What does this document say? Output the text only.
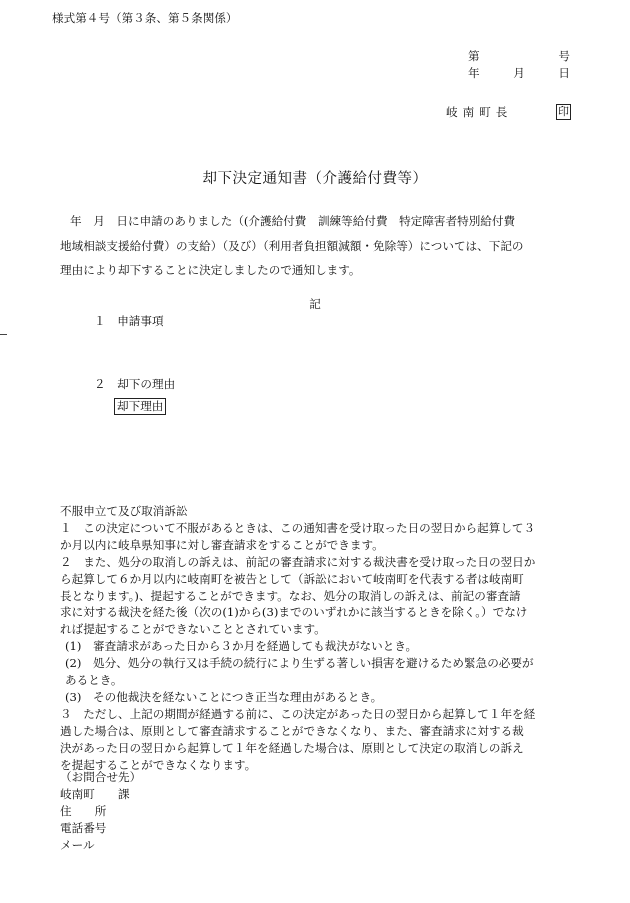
様式第４号（第３条、第５条関係）
第	号
年	月	日
岐南町長	印
却下決定通知書（介護給付費等）

年　月　日に申請のありました（(介護給付費　訓練等給付費　特定障害者特別給付費

地域相談支援給付費）の支給）（及び）（利用者負担額減額・免除等）については、下記の

理由により却下することに決定しましたので通知します。

記
１　申請事項
２　却下の理由
却下理由
不服申立て及び取消訴訟
１　この決定について不服があるときは、この通知書を受け取った日の翌日から起算して３
か月以内に岐阜県知事に対し審査請求をすることができます。
２　また、処分の取消しの訴えは、前記の審査請求に対する裁決書を受け取った日の翌日か
ら起算して６か月以内に岐南町を被告として（訴訟において岐南町を代表する者は岐南町
長となります。)、提起することができます。なお、処分の取消しの訴えは、前記の審査請
求に対する裁決を経た後（次の(1)から(3)までのいずれかに該当するときを除く。）でなけ
れば提起することができないこととされています。
(1)　審査請求があった日から３か月を経過しても裁決がないとき。
(2)　処分、処分の執行又は手続の続行により生ずる著しい損害を避けるため緊急の必要が
あるとき。
(3)　その他裁決を経ないことにつき正当な理由があるとき。
３　ただし、上記の期間が経過する前に、この決定があった日の翌日から起算して１年を経
過した場合は、原則として審査請求することができなくなり、また、審査請求に対する裁
決があった日の翌日から起算して１年を経過した場合は、原則として決定の取消しの訴え
を提起することができなくなります。
（お問合せ先）
岐南町　　課
住　　所
電話番号
メール
